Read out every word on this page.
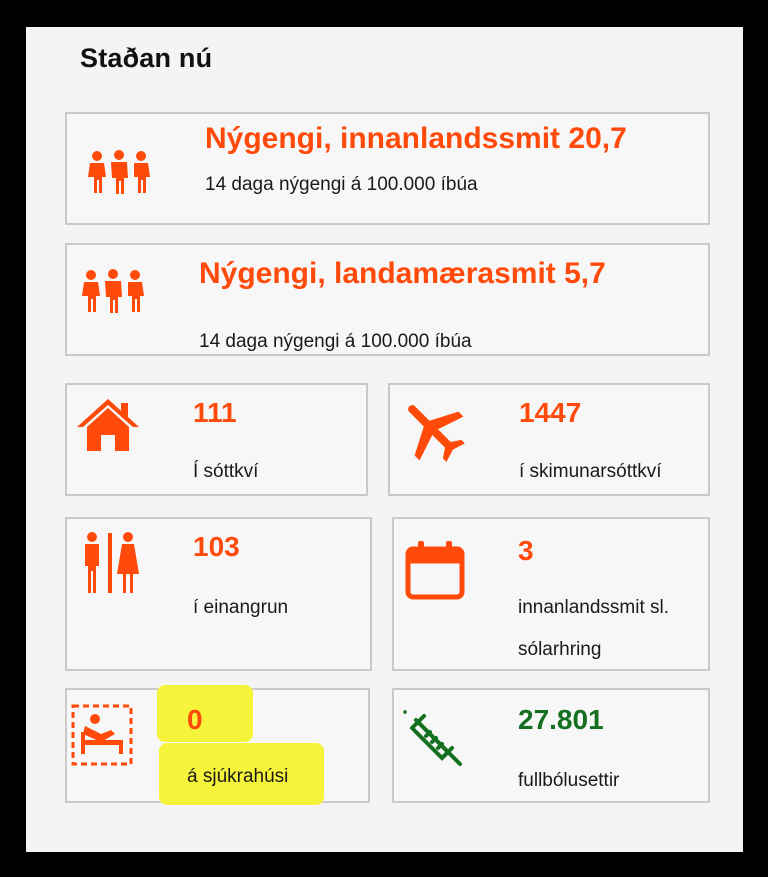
Staðan nú
Nýgengi, innanlandssmit 20,7
14 daga nýgengi á 100.000 íbúa
Nýgengi, landamærasmit 5,7
14 daga nýgengi á 100.000 íbúa
111
Í sóttkví
1447
í skimunarsóttkví
103
í einangrun
3
innanlandssmit sl. sólarhring
0
á sjúkrahúsi
27.801
fullbólusettir
